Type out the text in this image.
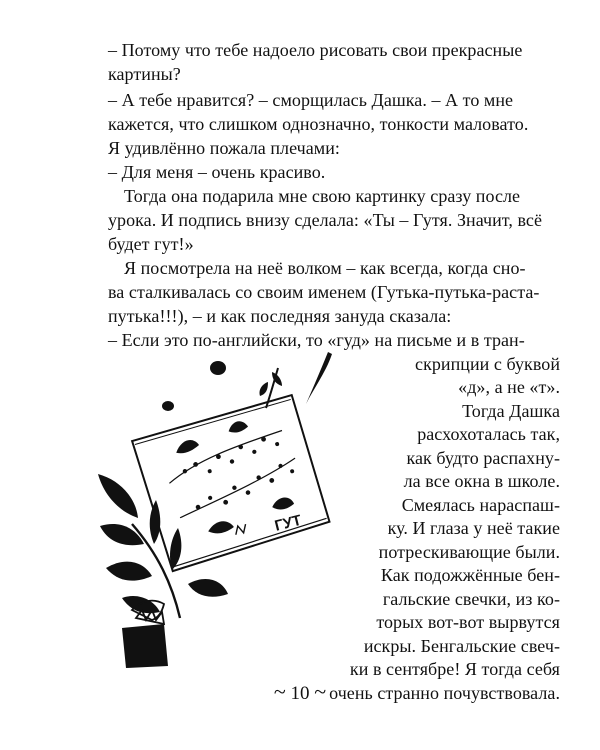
– Потому что тебе надоело рисовать свои прекрасные

картины?

– А тебе нравится? – сморщилась Дашка. – А то мне

кажется, что слишком однозначно, тонкости маловато.

Я удивлённо пожала плечами:

– Для меня – очень красиво.

Тогда она подарила мне свою картинку сразу после

урока. И подпись внизу сделала: «Ты – Гутя. Значит, всё

будет гут!»

Я посмотрела на неё волком – как всегда, когда сно-

ва сталкивалась со своим именем (Гутька-путька-раста-

путька!!!), – и как последняя зануда сказала:

– Если это по-английски, то «гуд» на письме и в тран-

скрипции с буквой

«д», а не «т».

Тогда Дашка

расхохоталась так,

как будто распахну-

ла все окна в школе.

Смеялась нараспаш-

ку. И глаза у неё такие

потрескивающие были.

Как подожжённые бен-

гальские свечки, из ко-

торых вот-вот вырвутся

искры. Бенгальские свеч-

ки в сентябре! Я тогда себя

ГУТ
~ 10 ~ очень странно почувствовала.
